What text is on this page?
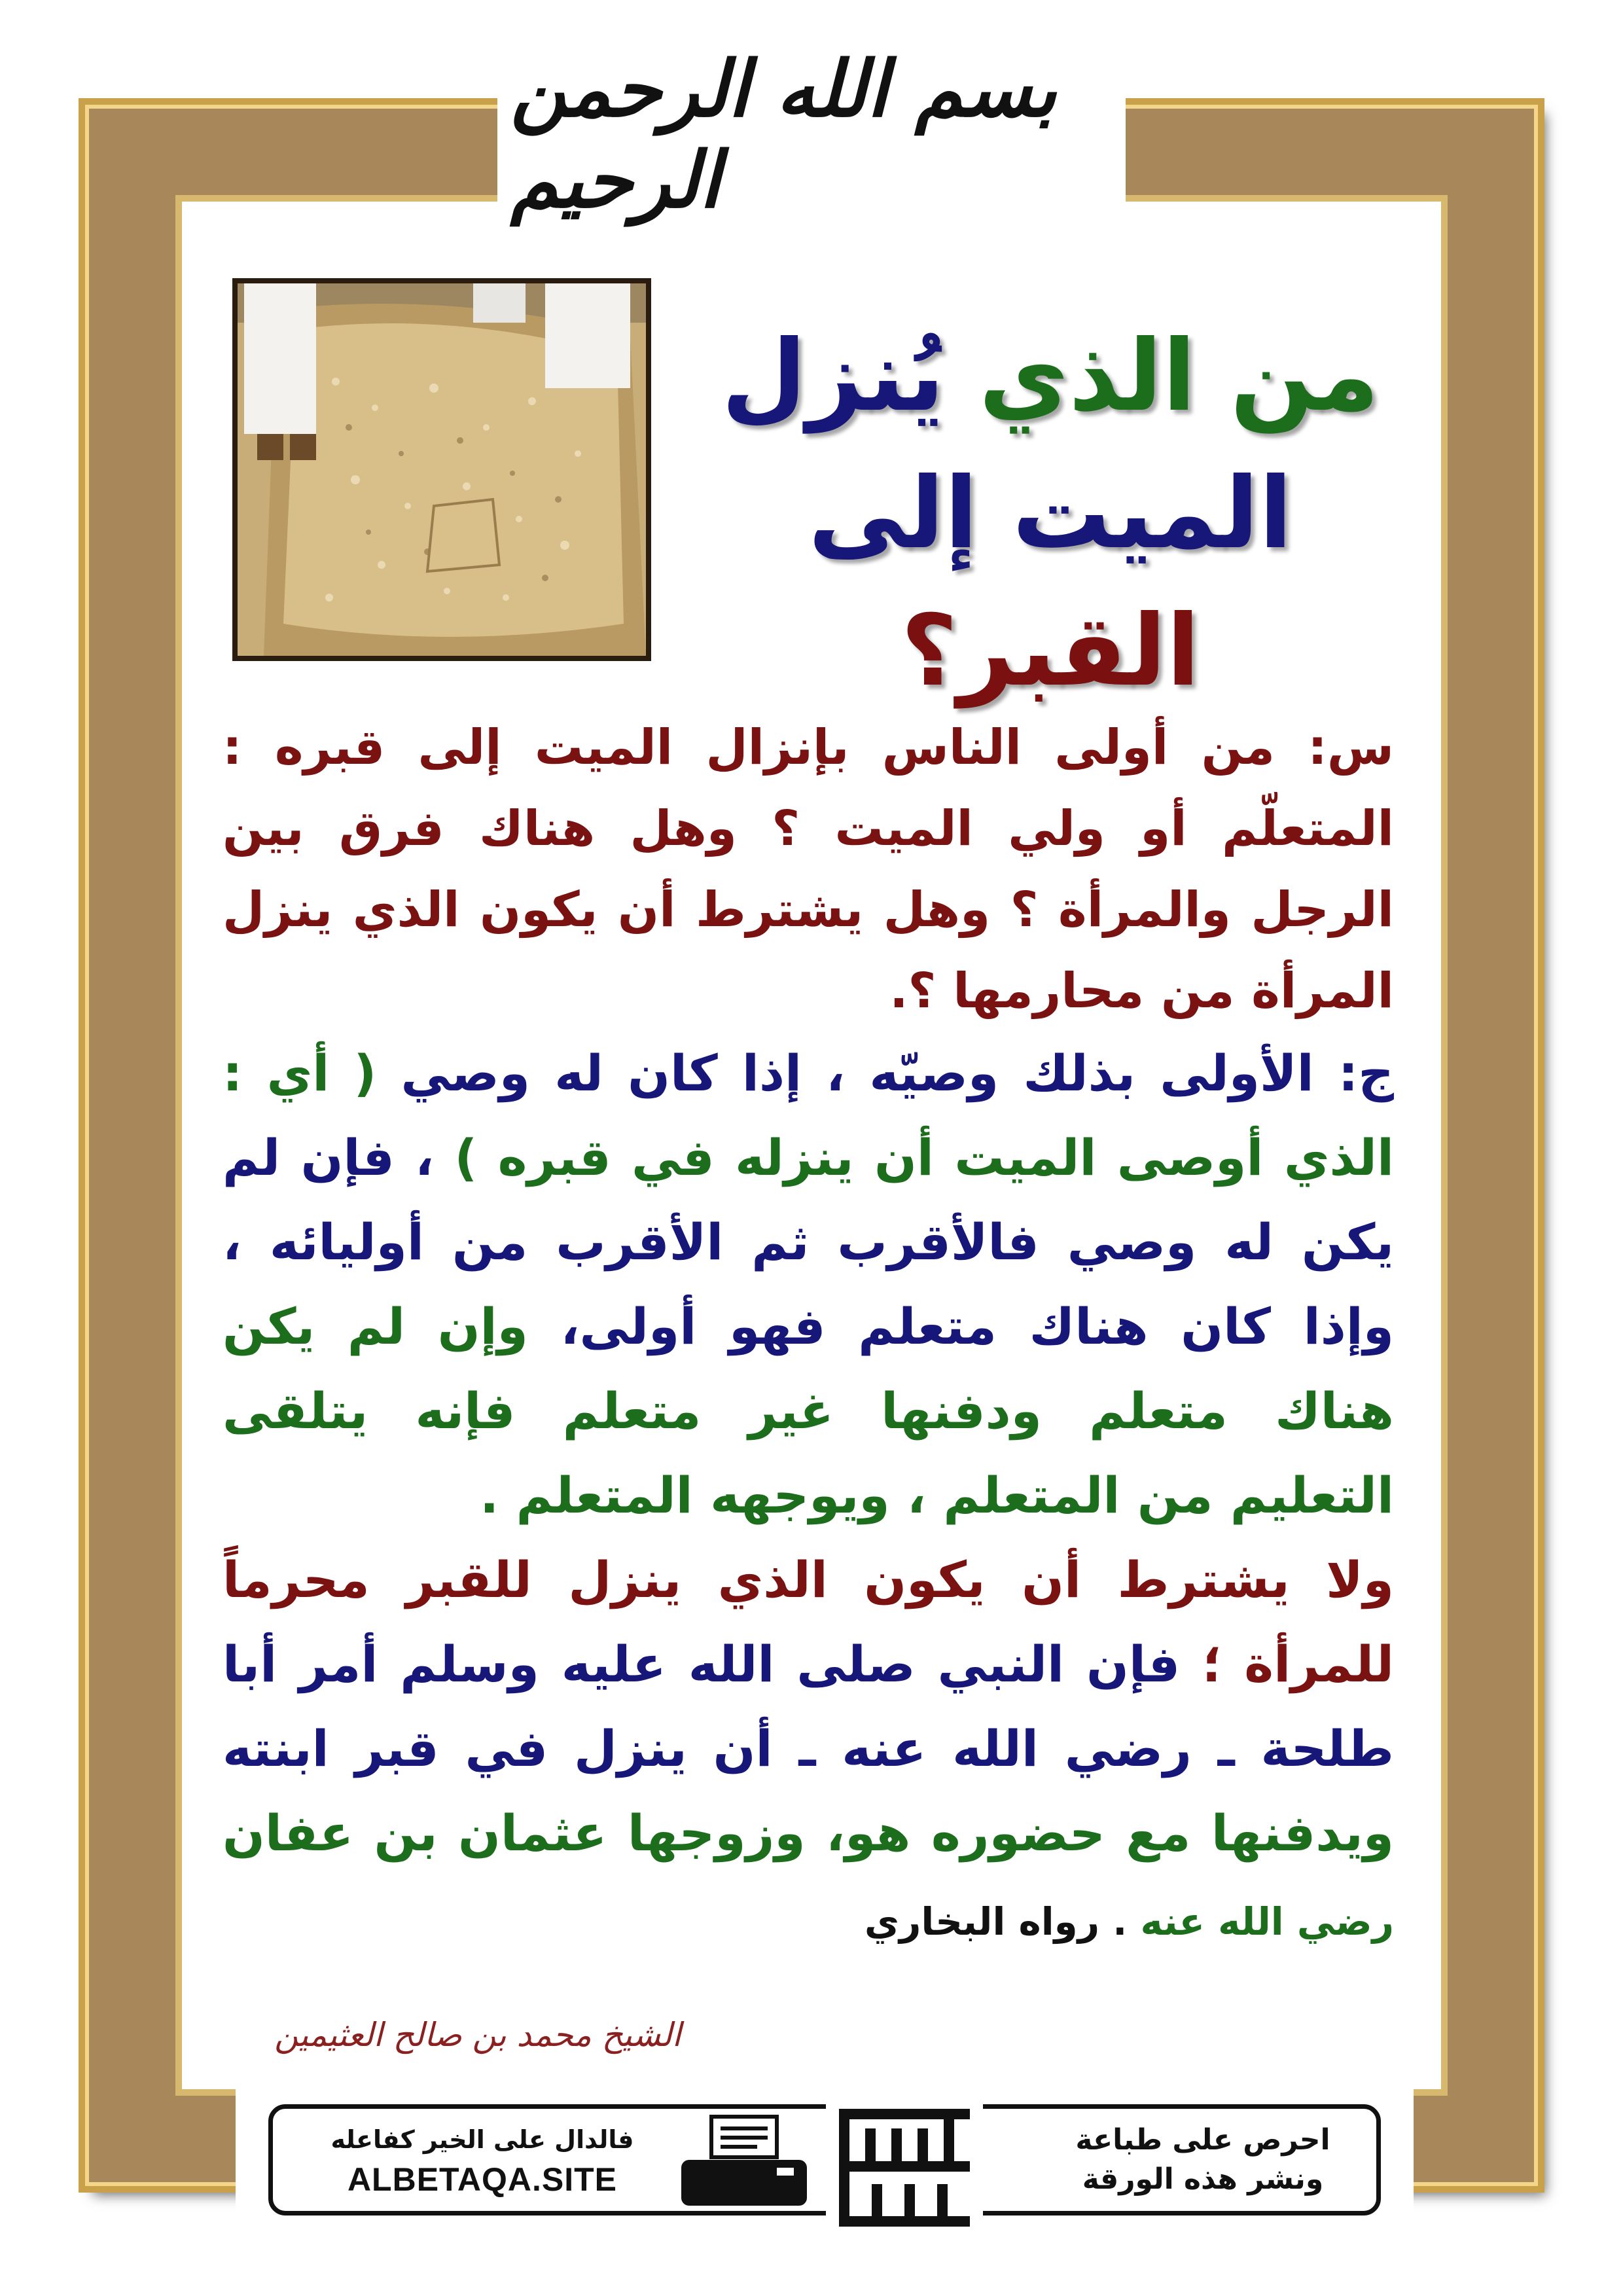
بسم الله الرحمن الرحيم
من الذي يُنزل
الميت إلى القبر؟
س: من أولى الناس بإنزال الميت إلى قبره : المتعلّم أو ولي الميت ؟ وهل هناك فرق بين الرجل والمرأة ؟ وهل يشترط أن يكون الذي ينزل المرأة من محارمها ؟.
ج: الأولى بذلك وصيّه ، إذا كان له وصي ( أي : الذي أوصى الميت أن ينزله في قبره ) ، فإن لم يكن له وصي فالأقرب ثم الأقرب من أوليائه ، وإذا كان هناك متعلم فهو أولى، وإن لم يكن هناك متعلم ودفنها غير متعلم فإنه يتلقى التعليم من المتعلم ، ويوجهه المتعلم .
ولا يشترط أن يكون الذي ينزل للقبر محرماً للمرأة ؛ فإن النبي صلى الله عليه وسلم أمر أبا طلحة ـ رضي الله عنه ـ أن ينزل في قبر ابنته ويدفنها مع حضوره هو، وزوجها عثمان بن عفان رضي الله عنه . رواه البخاري
الشيخ محمد بن صالح العثيمين
احرص على طباعة
ونشر هذه الورقة
دعوة الورقة
فالدال على الخير كفاعله
ALBETAQA.SITE
